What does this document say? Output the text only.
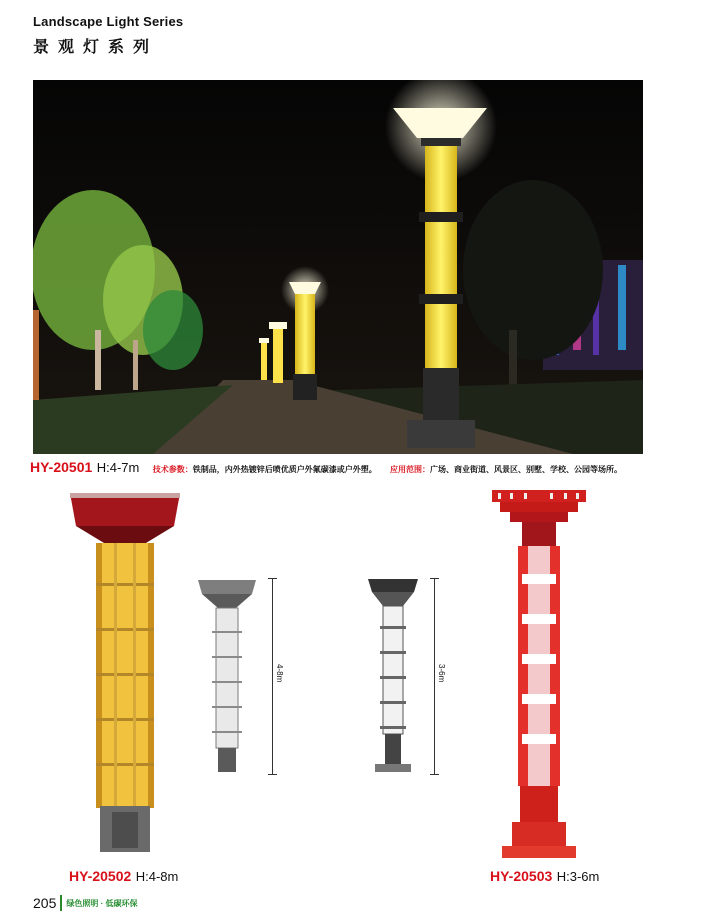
Landscape Light Series
景观灯系列
HY-20501 H:4-7m 技术参数：铁制品，内外热镀锌后喷优质户外氟碳漆或户外塑。 应用范围：广场、商业街道、风景区、别墅、学校、公园等场所。
HY-20502 H:4-8m
4-8m	3-6m
HY-20503 H:3-6m
205	绿色照明 · 低碳环保
